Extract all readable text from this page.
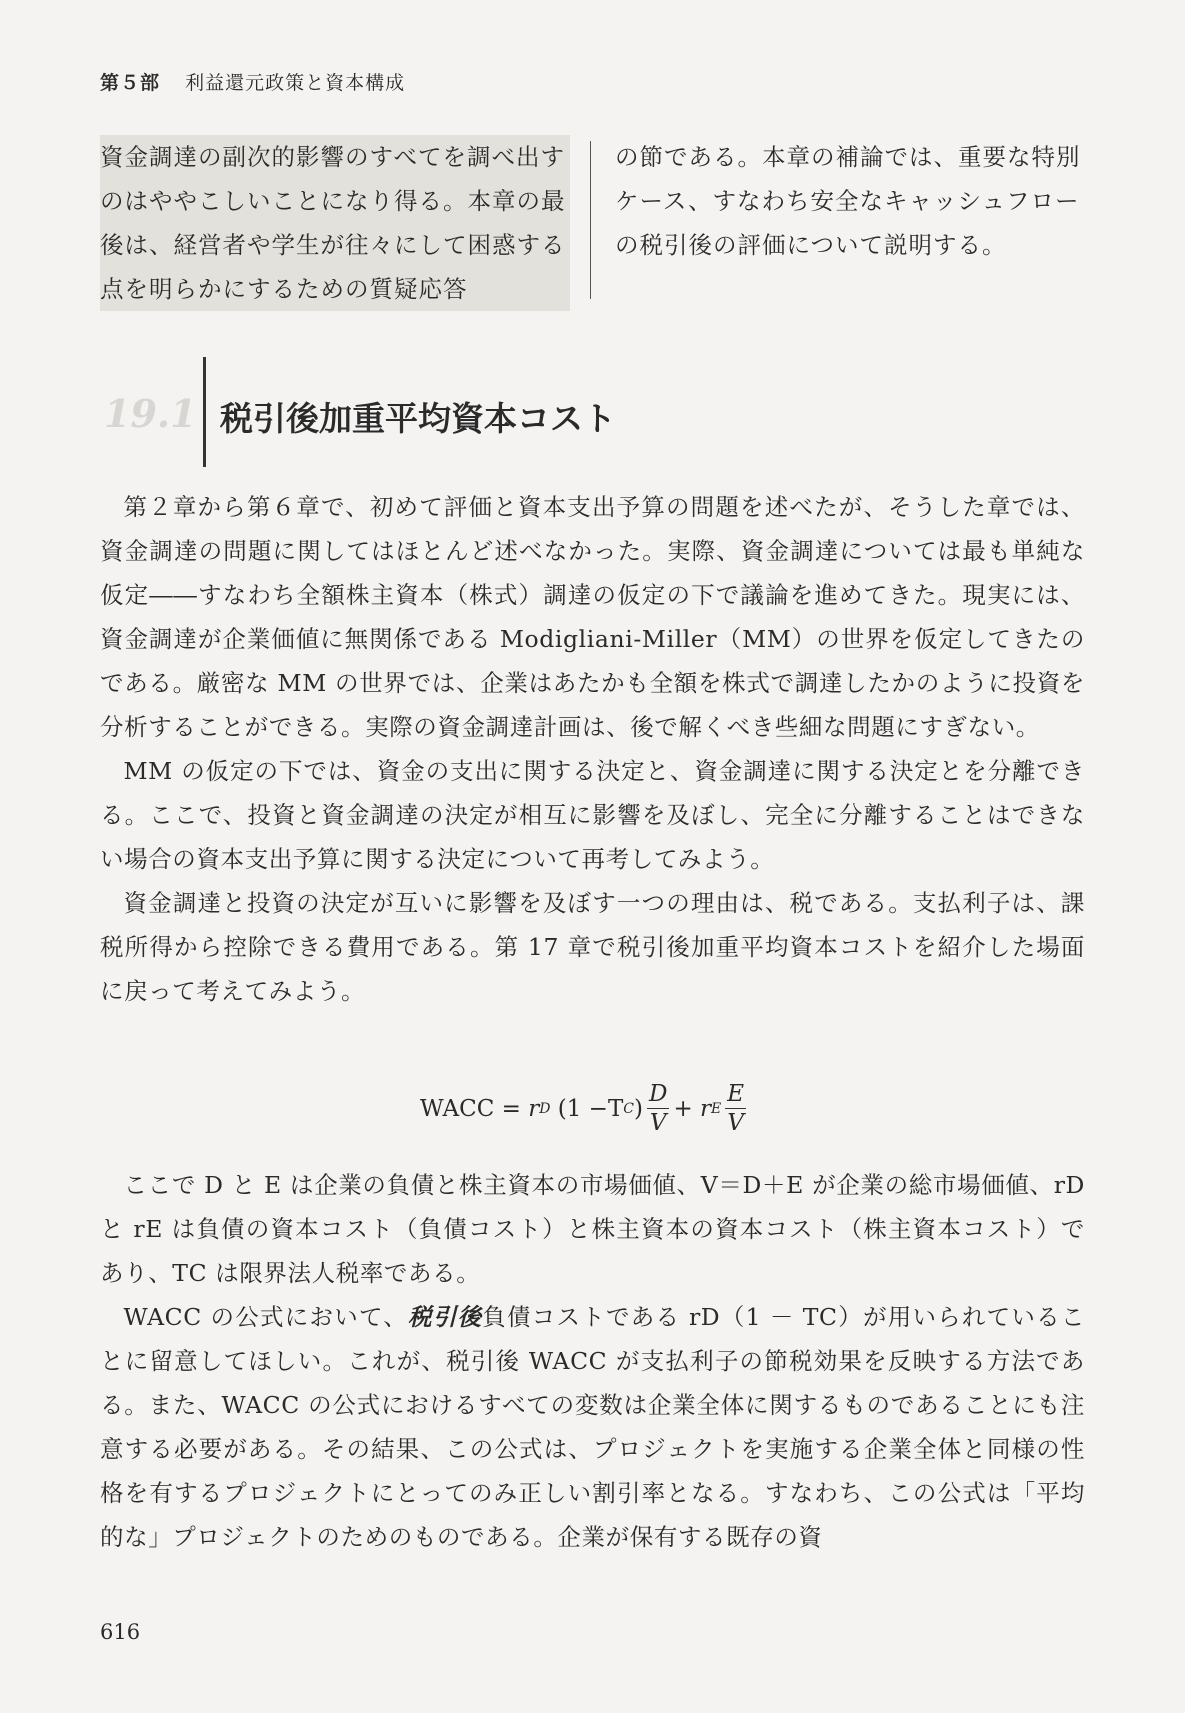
第５部 利益還元政策と資本構成
資金調達の副次的影響のすべてを調べ出すのはややこしいことになり得る。本章の最後は、経営者や学生が往々にして困惑する点を明らかにするための質疑応答
の節である。本章の補論では、重要な特別ケース、すなわち安全なキャッシュフローの税引後の評価について説明する。
19.1 税引後加重平均資本コスト

第２章から第６章で、初めて評価と資本支出予算の問題を述べたが、そうした章では、資金調達の問題に関してはほとんど述べなかった。実際、資金調達については最も単純な仮定――すなわち全額株主資本（株式）調達の仮定の下で議論を進めてきた。現実には、資金調達が企業価値に無関係である Modigliani-Miller（MM）の世界を仮定してきたのである。厳密な MM の世界では、企業はあたかも全額を株式で調達したかのように投資を分析することができる。実際の資金調達計画は、後で解くべき些細な問題にすぎない。

MM の仮定の下では、資金の支出に関する決定と、資金調達に関する決定とを分離できる。ここで、投資と資金調達の決定が相互に影響を及ぼし、完全に分離することはできない場合の資本支出予算に関する決定について再考してみよう。

資金調達と投資の決定が互いに影響を及ぼす一つの理由は、税である。支払利子は、課税所得から控除できる費用である。第 17 章で税引後加重平均資本コストを紹介した場面に戻って考えてみよう。

ここで D と E は企業の負債と株主資本の市場価値、V＝D＋E が企業の総市場価値、rD と rE は負債の資本コスト（負債コスト）と株主資本の資本コスト（株主資本コスト）であり、TC は限界法人税率である。

WACC の公式において、税引後負債コストである rD（1 － TC）が用いられていることに留意してほしい。これが、税引後 WACC が支払利子の節税効果を反映する方法である。また、WACC の公式におけるすべての変数は企業全体に関するものであることにも注意する必要がある。その結果、この公式は、プロジェクトを実施する企業全体と同様の性格を有するプロジェクトにとってのみ正しい割引率となる。すなわち、この公式は「平均的な」プロジェクトのためのものである。企業が保有する既存の資

WACC =
r D
(1 −T C ) $\frac{D}{V}$ +
r E $\frac{E}{V}$
616
